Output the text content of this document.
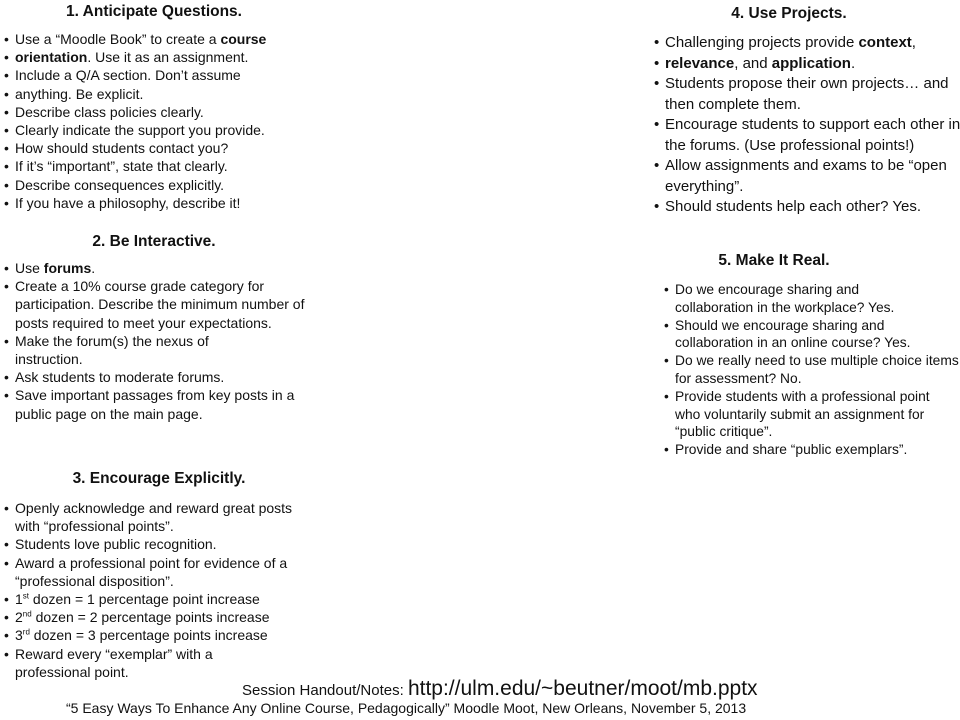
1. Anticipate Questions.
• Use a “Moodle Book” to create a course
• orientation. Use it as an assignment.
• Include a Q/A section. Don’t assume
• anything. Be explicit.
• Describe class policies clearly.
• Clearly indicate the support you provide.
• How should students contact you?
• If it’s “important”, state that clearly.
• Describe consequences explicitly.
• If you have a philosophy, describe it!
2. Be Interactive.
• Use forums.
• Create a 10% course grade category for participation. Describe the minimum number of posts required to meet your expectations.
• Make the forum(s) the nexus of instruction.
• Ask students to moderate forums.
• Save important passages from key posts in a public page on the main page.
3. Encourage Explicitly.
• Openly acknowledge and reward great posts with “professional points”.
• Students love public recognition.
• Award a professional point for evidence of a “professional disposition”.
• 1st dozen = 1 percentage point increase
• 2nd dozen = 2 percentage points increase
• 3rd dozen = 3 percentage points increase
• Reward every “exemplar” with a professional point.
4. Use Projects.
• Challenging projects provide context,
• relevance, and application.
• Students propose their own projects… and then complete them.
• Encourage students to support each other in the forums. (Use professional points!)
• Allow assignments and exams to be “open everything”.
• Should students help each other? Yes.
5. Make It Real.
• Do we encourage sharing and collaboration in the workplace? Yes.
• Should we encourage sharing and collaboration in an online course? Yes.
• Do we really need to use multiple choice items for assessment? No.
• Provide students with a professional point who voluntarily submit an assignment for “public critique”.
• Provide and share “public exemplars”.
Session Handout/Notes: http://ulm.edu/~beutner/moot/mb.pptx
“5 Easy Ways To Enhance Any Online Course, Pedagogically” Moodle Moot, New Orleans, November 5, 2013
